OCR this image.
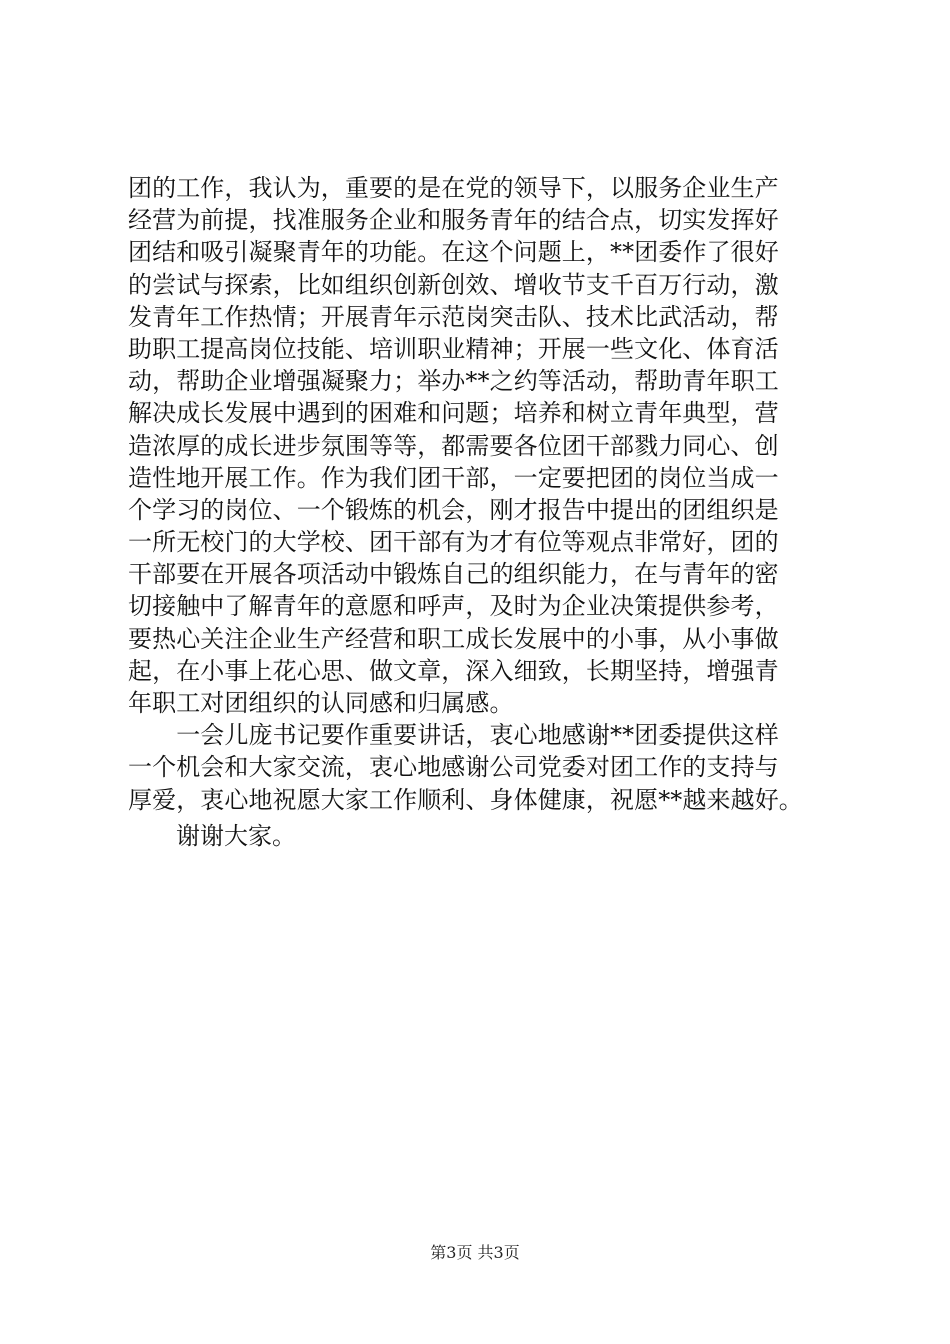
团的工作，我认为，重要的是在党的领导下，以服务企业生产
经营为前提，找准服务企业和服务青年的结合点，切实发挥好
团结和吸引凝聚青年的功能。在这个问题上，**团委作了很好
的尝试与探索，比如组织创新创效、增收节支千百万行动，激
发青年工作热情；开展青年示范岗突击队、技术比武活动，帮
助职工提高岗位技能、培训职业精神；开展一些文化、体育活
动，帮助企业增强凝聚力；举办**之约等活动，帮助青年职工
解决成长发展中遇到的困难和问题；培养和树立青年典型，营
造浓厚的成长进步氛围等等，都需要各位团干部戮力同心、创
造性地开展工作。作为我们团干部，一定要把团的岗位当成一
个学习的岗位、一个锻炼的机会，刚才报告中提出的团组织是
一所无校门的大学校、团干部有为才有位等观点非常好，团的
干部要在开展各项活动中锻炼自己的组织能力，在与青年的密
切接触中了解青年的意愿和呼声，及时为企业决策提供参考，
要热心关注企业生产经营和职工成长发展中的小事，从小事做
起，在小事上花心思、做文章，深入细致，长期坚持，增强青
年职工对团组织的认同感和归属感。
　　一会儿庞书记要作重要讲话，衷心地感谢**团委提供这样
一个机会和大家交流，衷心地感谢公司党委对团工作的支持与
厚爱，衷心地祝愿大家工作顺利、身体健康，祝愿**越来越好。
谢谢大家。
第3页 共3页
